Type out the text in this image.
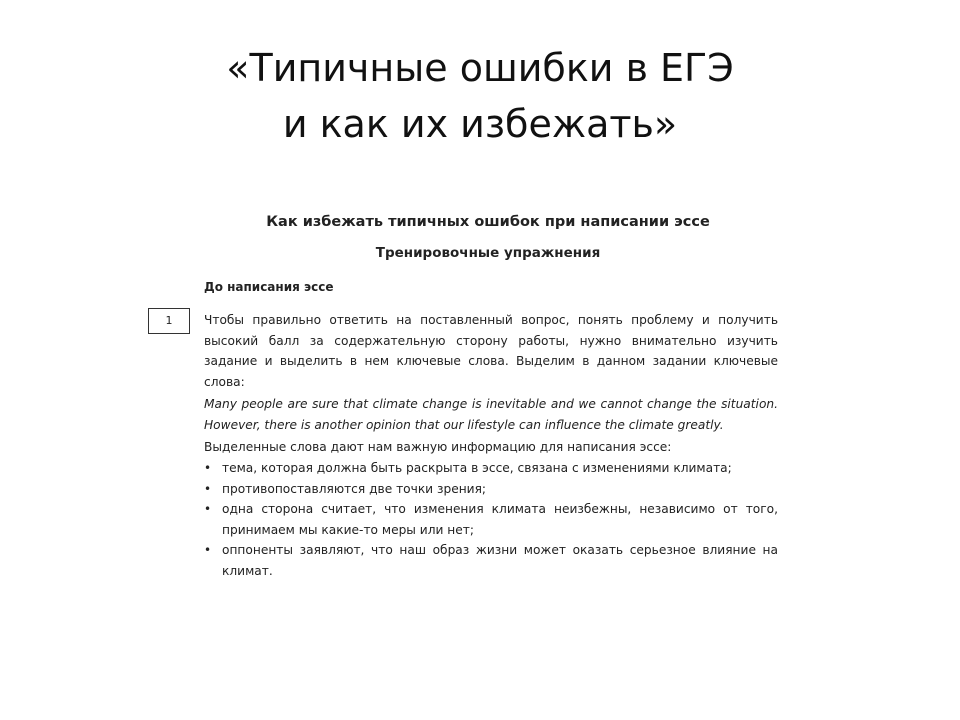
«Типичные ошибки в ЕГЭ
и как их избежать»
Как избежать типичных ошибок при написании эссе
Тренировочные упражнения
До написания эссе
1	Чтобы правильно ответить на поставленный вопрос, понять проблему и получить высокий балл за содержательную сторону работы, нужно внимательно изучить задание и выделить в нем ключевые слова. Выделим в данном задании ключевые слова:

Many people are sure that climate change is inevitable and we cannot change the situation. However, there is another opinion that our lifestyle can influence the climate greatly.

Выделенные слова дают нам важную информацию для написания эссе:

• тема, которая должна быть раскрыта в эссе, связана с изменениями климата;
• противопоставляются две точки зрения;
• одна сторона считает, что изменения климата неизбежны, независимо от того, принимаем мы какие-то меры или нет;
• оппоненты заявляют, что наш образ жизни может оказать серьезное влияние на климат.
